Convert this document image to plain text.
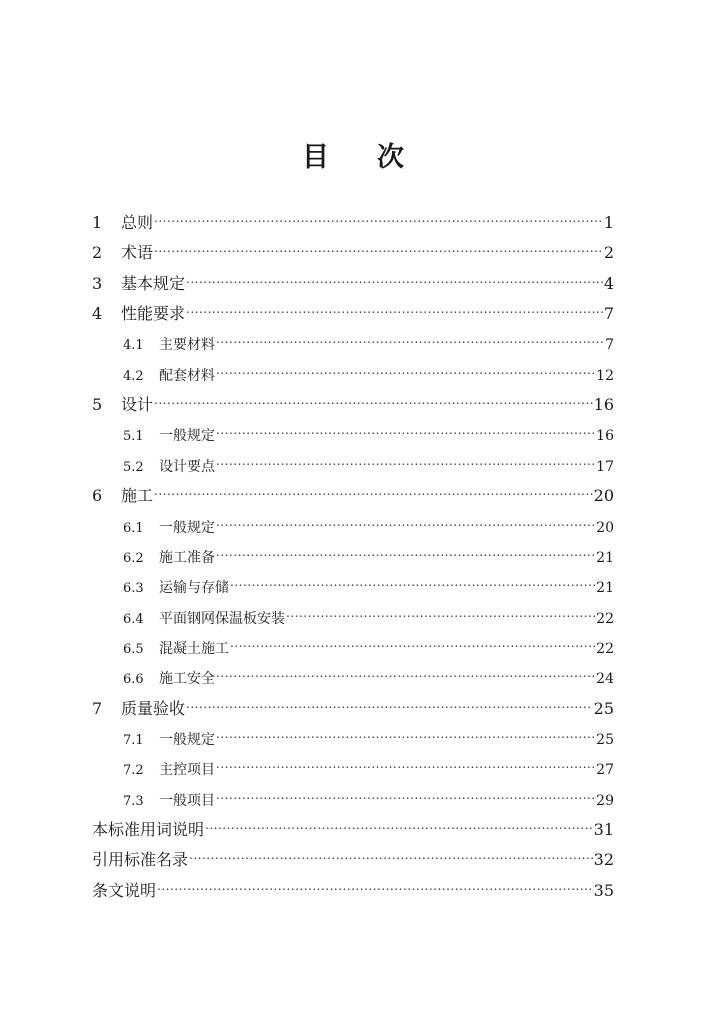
目 次
1	总则 .....	1
2	术语 .....	2
3	基本规定 .....	4
4	性能要求 .....	7
4.1	主要材料 .....	7
4.2	配套材料 .....	12
5	设计 .....	16
5.1	一般规定 .....	16
5.2	设计要点 .....	17
6	施工 .....	20
6.1	一般规定 .....	20
6.2	施工准备 .....	21
6.3	运输与存储 .....	21
6.4	平面钢网保温板安装 .....	22
6.5	混凝土施工 .....	22
6.6	施工安全 .....	24
7	质量验收 .....	25
7.1	一般规定 .....	25
7.2	主控项目 .....	27
7.3	一般项目 .....	29
本标准用词说明 .....	31
引用标准名录 .....	32
条文说明 .....	35
